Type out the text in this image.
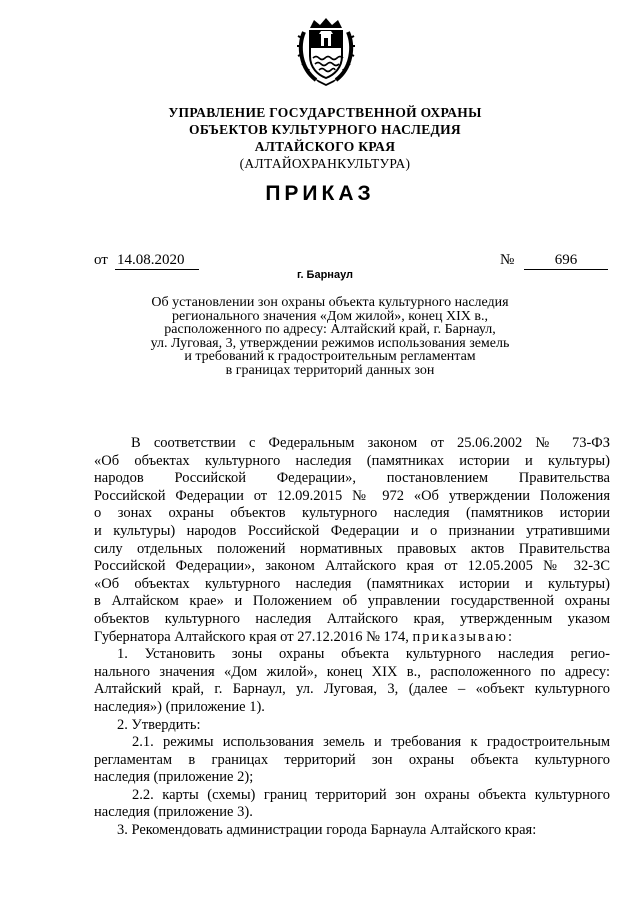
УПРАВЛЕНИЕ ГОСУДАРСТВЕННОЙ ОХРАНЫ
ОБЪЕКТОВ КУЛЬТУРНОГО НАСЛЕДИЯ
АЛТАЙСКОГО КРАЯ
(АЛТАЙОХРАНКУЛЬТУРА)
ПРИКАЗ
от 14.08.2020	№	696
г. Барнаул
Об установлении зон охраны объекта культурного наследия
регионального значения «Дом жилой», конец XIX в.,
расположенного по адресу: Алтайский край, г. Барнаул,
ул. Луговая, 3, утверждении режимов использования земель
и требований к градостроительным регламентам
в границах территорий данных зон

В соответствии с Федеральным законом от 25.06.2002 № 73-ФЗ

«Об объектах культурного наследия (памятниках истории и культуры)

народов Российской Федерации», постановлением Правительства

Российской Федерации от 12.09.2015 № 972 «Об утверждении Положения

о зонах охраны объектов культурного наследия (памятников истории

и культуры) народов Российской Федерации и о признании утратившими

силу отдельных положений нормативных правовых актов Правительства

Российской Федерации», законом Алтайского края от 12.05.2005 № 32-ЗС

«Об объектах культурного наследия (памятниках истории и культуры)

в Алтайском крае» и Положением об управлении государственной охраны

объектов культурного наследия Алтайского края, утвержденным указом

Губернатора Алтайского края от 27.12.2016 № 174, приказываю:

1. Установить зоны охраны объекта культурного наследия регио-

нального значения «Дом жилой», конец XIX в., расположенного по адресу:

Алтайский край, г. Барнаул, ул. Луговая, 3, (далее – «объект культурного

наследия») (приложение 1).

2. Утвердить:

2.1. режимы использования земель и требования к градостроительным

регламентам в границах территорий зон охраны объекта культурного

наследия (приложение 2);

2.2. карты (схемы) границ территорий зон охраны объекта культурного

наследия (приложение 3).

3. Рекомендовать администрации города Барнаула Алтайского края:
